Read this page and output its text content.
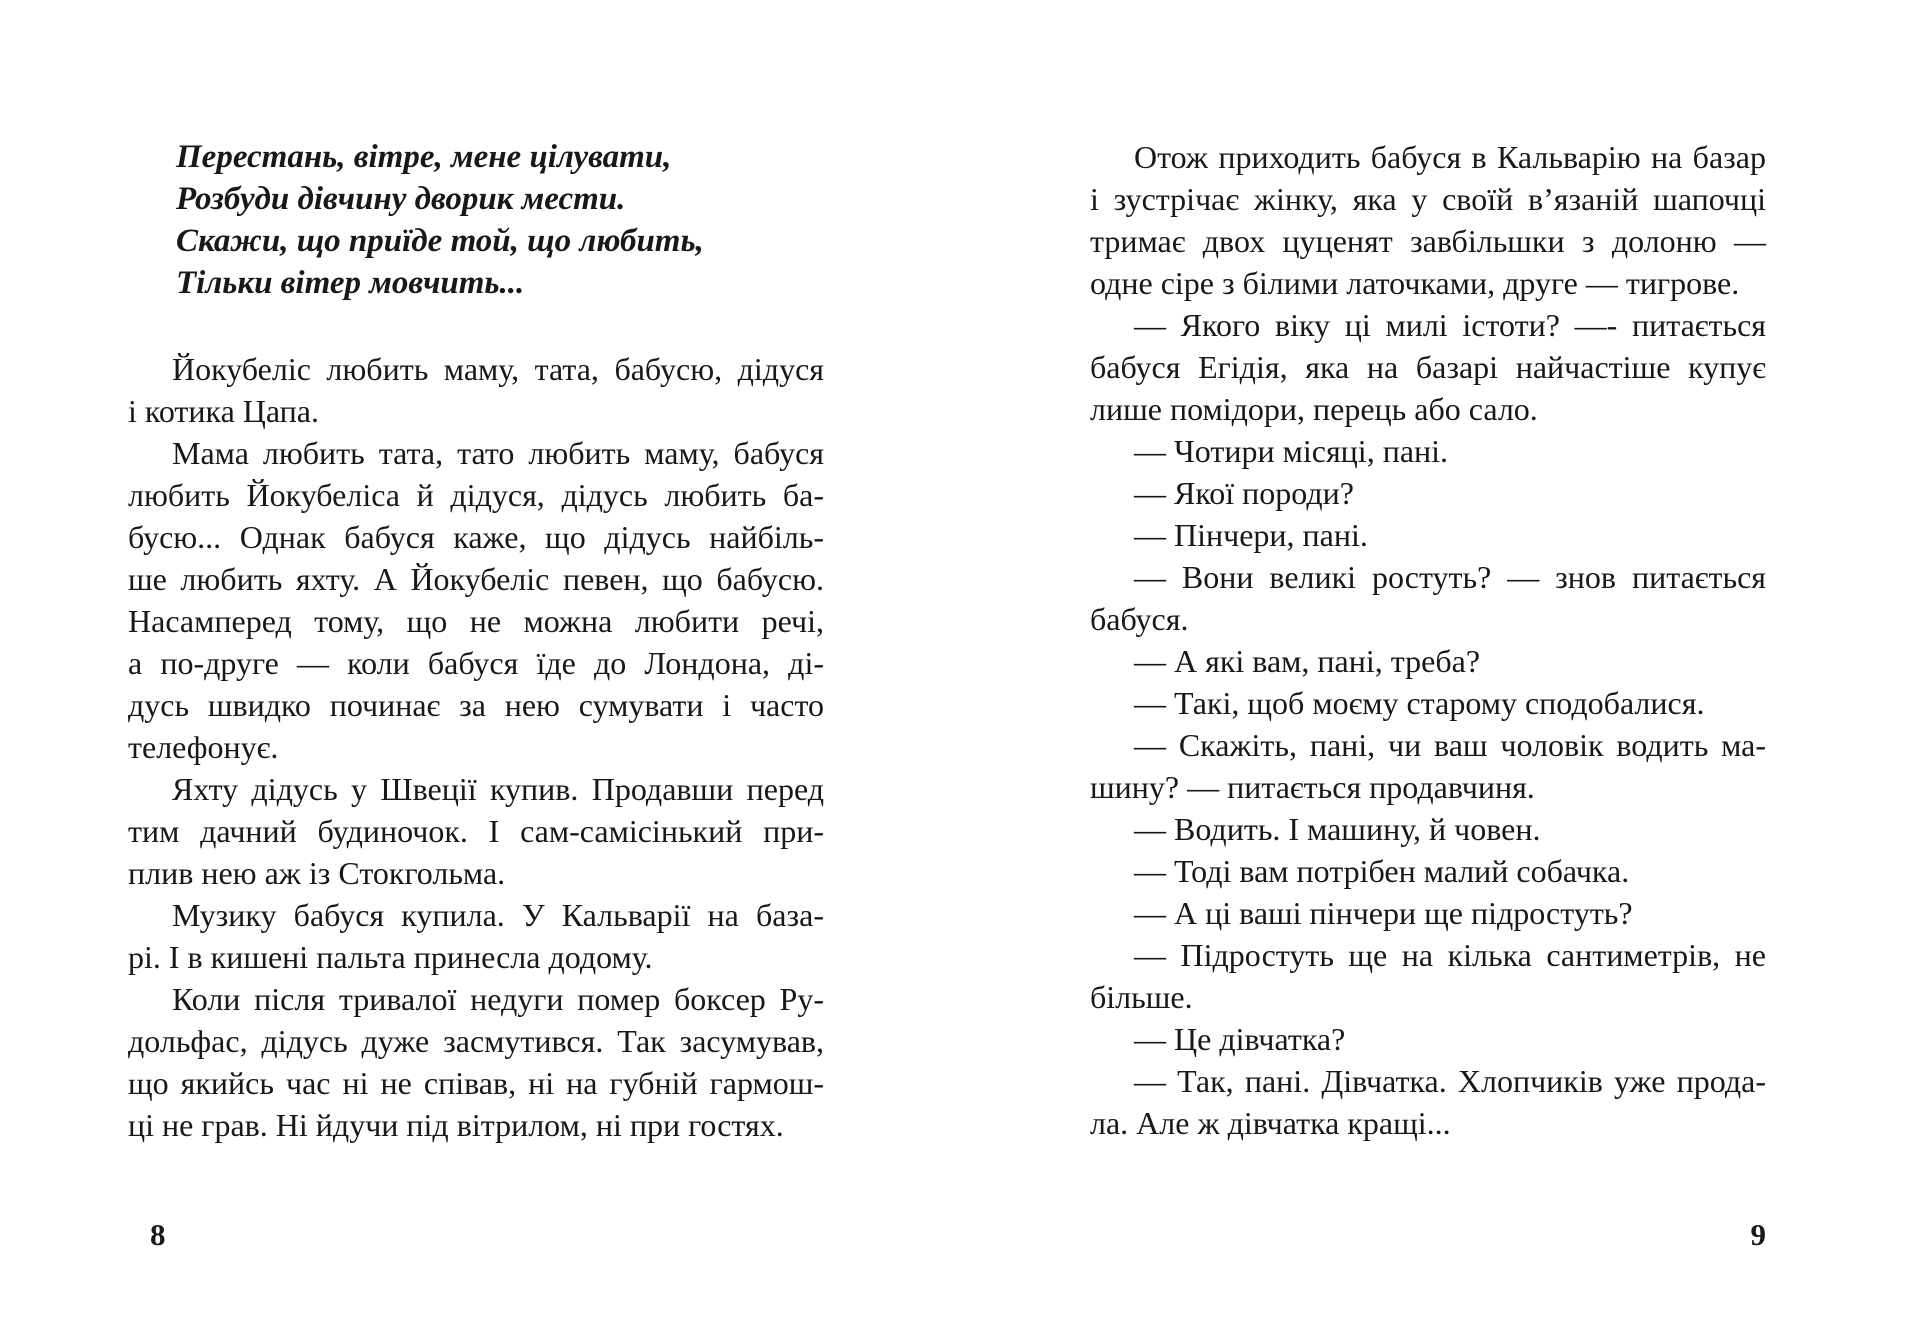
Перестань, вітре, мене цілувати,
Розбуди дівчину дворик мести.
Скажи, що приїде той, що любить,
Тільки вітер мовчить...
Йокубеліс любить маму, тата, бабусю, дідуся
і котика Цапа.
Мама любить тата, тато любить маму, бабуся
любить Йокубеліса й дідуся, дідусь любить ба-
бусю... Однак бабуся каже, що дідусь найбіль-
ше любить яхту. А Йокубеліс певен, що бабусю.
Насамперед тому, що не можна любити речі,
а по-друге — коли бабуся їде до Лондона, ді-
дусь швидко починає за нею сумувати і часто
телефонує.
Яхту дідусь у Швеції купив. Продавши перед
тим дачний будиночок. І сам-самісінький при-
плив нею аж із Стокгольма.
Музику бабуся купила. У Кальварії на база-
рі. І в кишені пальта принесла додому.
Коли після тривалої недуги помер боксер Ру-
дольфас, дідусь дуже засмутився. Так засумував,
що якийсь час ні не співав, ні на губній гармош-
ці не грав. Ні йдучи під вітрилом, ні при гостях.
8
Отож приходить бабуся в Кальварію на базар
і зустрічає жінку, яка у своїй в’язаній шапочці
тримає двох цуценят завбільшки з долоню —
одне сіре з білими латочками, друге — тигрове.
— Якого віку ці милі істоти? —- питається
бабуся Егідія, яка на базарі найчастіше купує
лише помідори, перець або сало.
— Чотири місяці, пані.
— Якої породи?
— Пінчери, пані.
— Вони великі ростуть? — знов питається
бабуся.
— А які вам, пані, треба?
— Такі, щоб моєму старому сподобалися.
— Скажіть, пані, чи ваш чоловік водить ма-
шину? — питається продавчиня.
— Водить. І машину, й човен.
— Тоді вам потрібен малий собачка.
— А ці ваші пінчери ще підростуть?
— Підростуть ще на кілька сантиметрів, не
більше.
— Це дівчатка?
— Так, пані. Дівчатка. Хлопчиків уже прода-
ла. Але ж дівчатка кращі...
9
